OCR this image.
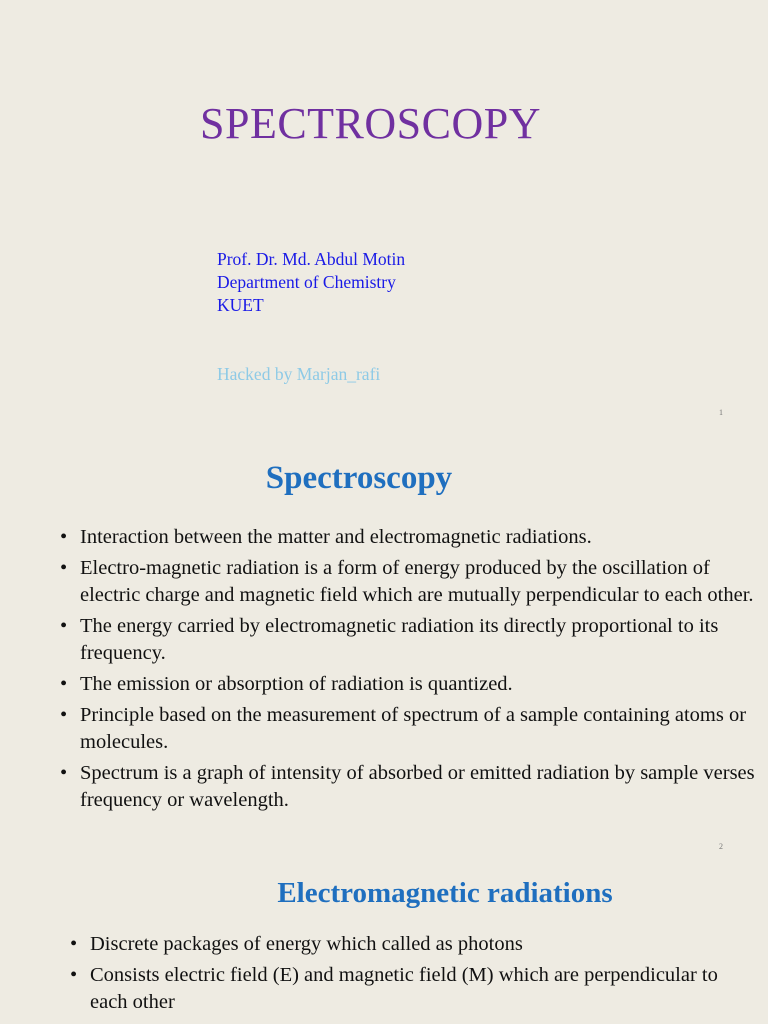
SPECTROSCOPY
Prof. Dr. Md. Abdul Motin
Department of Chemistry
KUET
Hacked by Marjan_rafi
1
Spectroscopy
• Interaction between the matter and electromagnetic radiations.
• Electro-magnetic radiation is a form of energy produced by the oscillation of electric charge and magnetic field which are mutually perpendicular to each other.
• The energy carried by electromagnetic radiation its directly proportional to its frequency.
• The emission or absorption of radiation is quantized.
• Principle based on the measurement of spectrum of a sample containing atoms or molecules.
• Spectrum is a graph of intensity of absorbed or emitted radiation by sample verses frequency or wavelength.
2
Electromagnetic radiations
• Discrete packages of energy which called as photons
• Consists electric field (E) and magnetic field (M) which are perpendicular to each other
